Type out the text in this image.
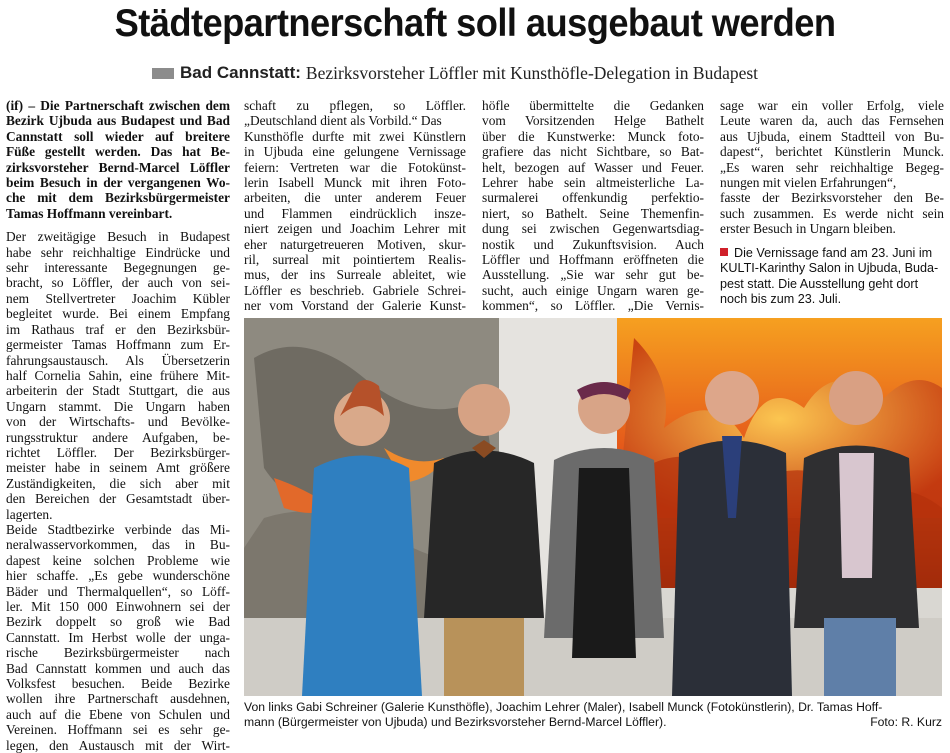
Städtepartnerschaft soll ausgebaut werden
Bad Cannstatt: Bezirksvorsteher Löffler mit Kunsthöfle-Delegation in Budapest
(if) – Die Partnerschaft zwischen dem
Bezirk Ujbuda aus Budapest und Bad
Cannstatt soll wieder auf breitere
Füße gestellt werden. Das hat Be-
zirksvorsteher Bernd-Marcel Löffler
beim Besuch in der vergangenen Wo-
che mit dem Bezirksbürgermeister
Tamas Hoffmann vereinbart.
Der zweitägige Besuch in Budapest
habe sehr reichhaltige Eindrücke und
sehr interessante Begegnungen ge-
bracht, so Löffler, der auch von sei-
nem Stellvertreter Joachim Kübler
begleitet wurde. Bei einem Empfang
im Rathaus traf er den Bezirksbür-
germeister Tamas Hoffmann zum Er-
fahrungsaustausch. Als Übersetzerin
half Cornelia Sahin, eine frühere Mit-
arbeiterin der Stadt Stuttgart, die aus
Ungarn stammt. Die Ungarn haben
von der Wirtschafts- und Bevölke-
rungsstruktur andere Aufgaben, be-
richtet Löffler. Der Bezirksbürger-
meister habe in seinem Amt größere
Zuständigkeiten, die sich aber mit
den Bereichen der Gesamtstadt über-
lagerten.
Beide Stadtbezirke verbinde das Mi-
neralwasservorkommen, das in Bu-
dapest keine solchen Probleme wie
hier schaffe. „Es gebe wunderschöne
Bäder und Thermalquellen“, so Löff-
ler. Mit 150 000 Einwohnern sei der
Bezirk doppelt so groß wie Bad
Cannstatt. Im Herbst wolle der unga-
rische Bezirksbürgermeister nach
Bad Cannstatt kommen und auch das
Volksfest besuchen. Beide Bezirke
wollen ihre Partnerschaft ausdehnen,
auch auf die Ebene von Schulen und
Vereinen. Hoffmann sei es sehr ge-
legen, den Austausch mit der Wirt-
schaft zu pflegen, so Löffler.
„Deutschland dient als Vorbild.“ Das
Kunsthöfle durfte mit zwei Künstlern
in Ujbuda eine gelungene Vernissage
feiern: Vertreten war die Fotokünst-
lerin Isabell Munck mit ihren Foto-
arbeiten, die unter anderem Feuer
und Flammen eindrücklich insze-
niert zeigen und Joachim Lehrer mit
eher naturgetreueren Motiven, skur-
ril, surreal mit pointiertem Realis-
mus, der ins Surreale ableitet, wie
Löffler es beschrieb. Gabriele Schrei-
ner vom Vorstand der Galerie Kunst-
höfle übermittelte die Gedanken
vom Vorsitzenden Helge Bathelt
über die Kunstwerke: Munck foto-
grafiere das nicht Sichtbare, so Bat-
helt, bezogen auf Wasser und Feuer.
Lehrer habe sein altmeisterliche La-
surmalerei offenkundig perfektio-
niert, so Bathelt. Seine Themenfin-
dung sei zwischen Gegenwartsdiag-
nostik und Zukunftsvision. Auch
Löffler und Hoffmann eröffneten die
Ausstellung. „Sie war sehr gut be-
sucht, auch einige Ungarn waren ge-
kommen“, so Löffler. „Die Vernis-
sage war ein voller Erfolg, viele
Leute waren da, auch das Fernsehen
aus Ujbuda, einem Stadtteil von Bu-
dapest“, berichtet Künstlerin Munck.
„Es waren sehr reichhaltige Begeg-
nungen mit vielen Erfahrungen“,
fasste der Bezirksvorsteher den Be-
such zusammen. Es werde nicht sein
erster Besuch in Ungarn bleiben.
Die Vernissage fand am 23. Juni im
KULTI-Karinthy Salon in Ujbuda, Buda-
pest statt. Die Ausstellung geht dort
noch bis zum 23. Juli.
Von links Gabi Schreiner (Galerie Kunsthöfle), Joachim Lehrer (Maler), Isabell Munck (Fotokünstlerin), Dr. Tamas Hoff-
mann (Bürgermeister von Ujbuda) und Bezirksvorsteher Bernd-Marcel Löffler).	Foto: R. Kurz
